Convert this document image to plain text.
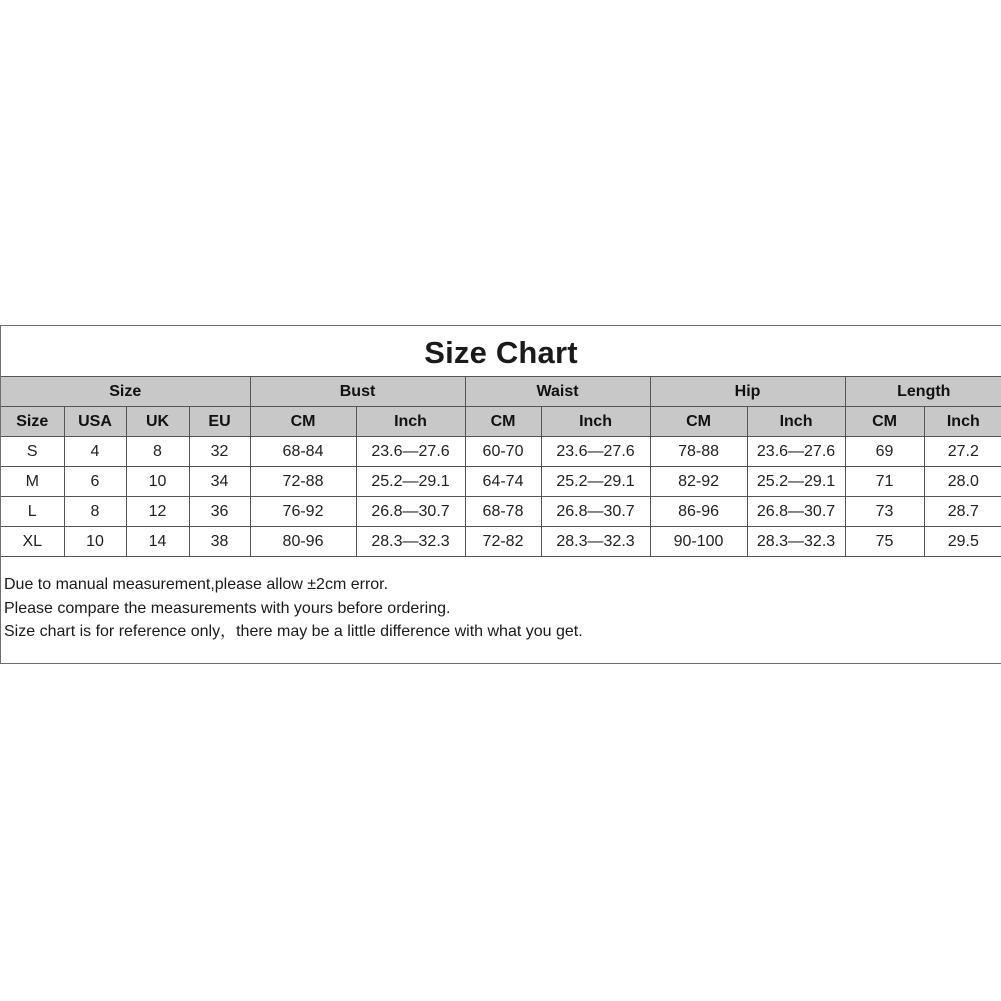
Size Chart
Size				Bust		Waist		Hip		Length	
Size	USA	UK	EU	CM	Inch	CM	Inch	CM	Inch	CM	Inch
S	4	8	32	68-84	23.6—27.6	60-70	23.6—27.6	78-88	23.6—27.6	69	27.2
M	6	10	34	72-88	25.2—29.1	64-74	25.2—29.1	82-92	25.2—29.1	71	28.0
L	8	12	36	76-92	26.8—30.7	68-78	26.8—30.7	86-96	26.8—30.7	73	28.7
XL	10	14	38	80-96	28.3—32.3	72-82	28.3—32.3	90-100	28.3—32.3	75	29.5
Due to manual measurement,please allow ±2cm error.
Please compare the measurements with yours before ordering.
Size chart is for reference only，there may be a little difference with what you get.
